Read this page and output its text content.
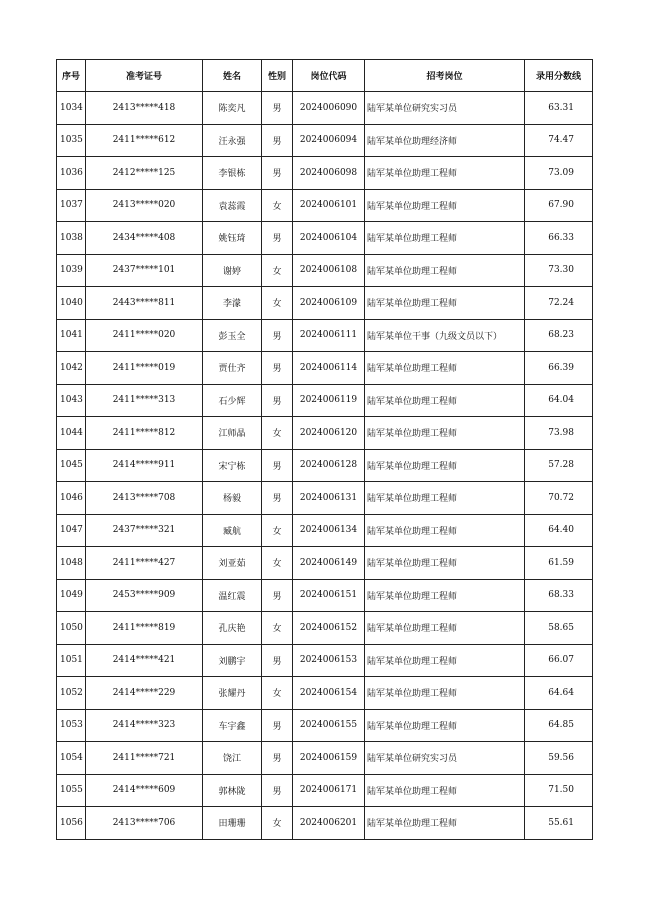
序号	准考证号	姓名	性别	岗位代码	招考岗位	录用分数线
1034	2413*****418	陈奕凡	男	2024006090	陆军某单位研究实习员	63.31
1035	2411*****612	汪永强	男	2024006094	陆军某单位助理经济师	74.47
1036	2412*****125	李银栋	男	2024006098	陆军某单位助理工程师	73.09
1037	2413*****020	袁蕊霞	女	2024006101	陆军某单位助理工程师	67.90
1038	2434*****408	姚钰琦	男	2024006104	陆军某单位助理工程师	66.33
1039	2437*****101	谢婷	女	2024006108	陆军某单位助理工程师	73.30
1040	2443*****811	李濛	女	2024006109	陆军某单位助理工程师	72.24
1041	2411*****020	彭玉全	男	2024006111	陆军某单位干事（九级文员以下）	68.23
1042	2411*****019	贾仕齐	男	2024006114	陆军某单位助理工程师	66.39
1043	2411*****313	石少辉	男	2024006119	陆军某单位助理工程师	64.04
1044	2411*****812	江师晶	女	2024006120	陆军某单位助理工程师	73.98
1045	2414*****911	宋宁栋	男	2024006128	陆军某单位助理工程师	57.28
1046	2413*****708	杨毅	男	2024006131	陆军某单位助理工程师	70.72
1047	2437*****321	臧航	女	2024006134	陆军某单位助理工程师	64.40
1048	2411*****427	刘亚茹	女	2024006149	陆军某单位助理工程师	61.59
1049	2453*****909	温红震	男	2024006151	陆军某单位助理工程师	68.33
1050	2411*****819	孔庆艳	女	2024006152	陆军某单位助理工程师	58.65
1051	2414*****421	刘鹏宇	男	2024006153	陆军某单位助理工程师	66.07
1052	2414*****229	张耀丹	女	2024006154	陆军某单位助理工程师	64.64
1053	2414*****323	车宇鑫	男	2024006155	陆军某单位助理工程师	64.85
1054	2411*****721	饶江	男	2024006159	陆军某单位研究实习员	59.56
1055	2414*****609	郭林陇	男	2024006171	陆军某单位助理工程师	71.50
1056	2413*****706	田珊珊	女	2024006201	陆军某单位助理工程师	55.61
